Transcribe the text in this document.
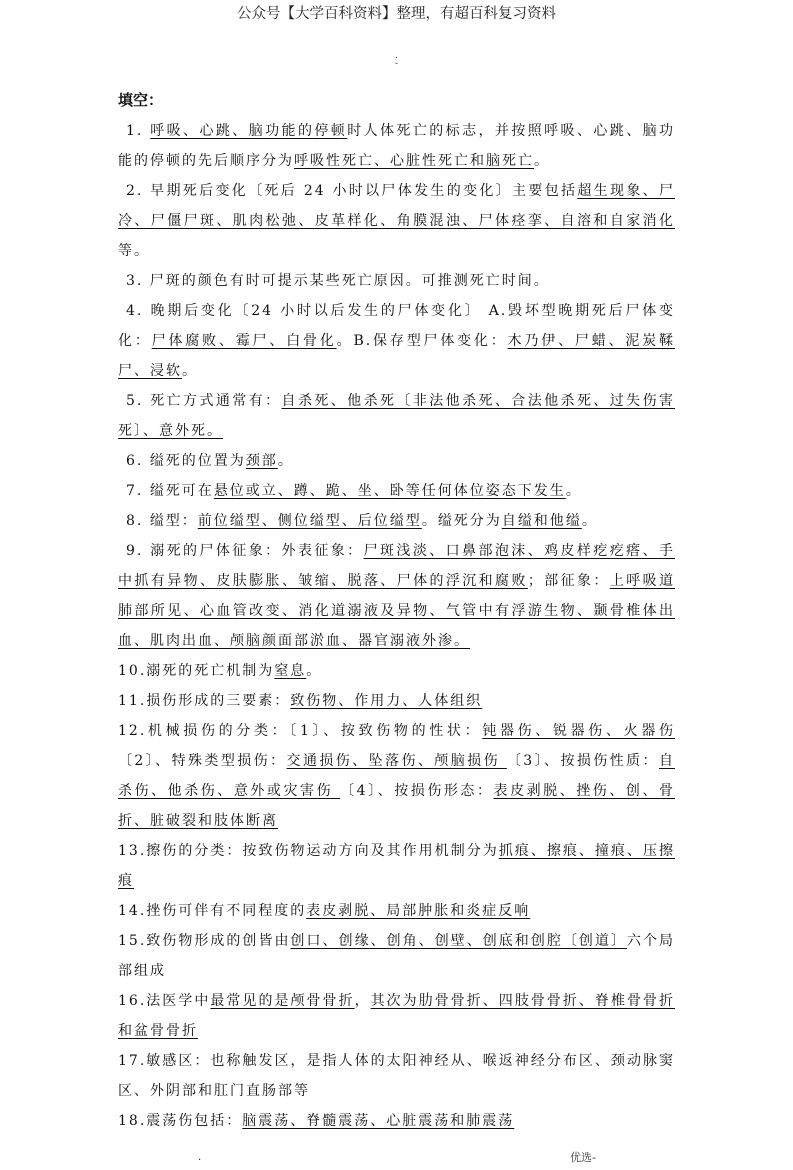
公众号【大学百科资料】整理，有超百科复习资料
.
-
填空：

1. 呼吸、心跳、脑功能的停顿时人体死亡的标志，并按照呼吸、心跳、脑功能的停顿的先后顺序分为呼吸性死亡、心脏性死亡和脑死亡。

2. 早期死后变化〔死后 24 小时以尸体发生的变化〕主要包括超生现象、尸冷、尸僵尸斑、肌肉松弛、皮革样化、角膜混浊、尸体痉挛、自溶和自家消化等。

3. 尸斑的颜色有时可提示某些死亡原因。可推测死亡时间。

4. 晚期后变化〔24 小时以后发生的尸体变化〕 A.毁坏型晚期死后尸体变化：尸体腐败、霉尸、白骨化。B.保存型尸体变化：木乃伊、尸蜡、泥炭鞣尸、浸软。

5. 死亡方式通常有：自杀死、他杀死〔非法他杀死、合法他杀死、过失伤害死〕、意外死。

6. 缢死的位置为颈部。

7. 缢死可在悬位或立、蹲、跪、坐、卧等任何体位姿态下发生。

8. 缢型：前位缢型、侧位缢型、后位缢型。缢死分为自缢和他缢。

9. 溺死的尸体征象：外表征象：尸斑浅淡、口鼻部泡沫、鸡皮样疙疙瘩、手中抓有异物、皮肤膨胀、皱缩、脱落、尸体的浮沉和腐败；部征象：上呼吸道肺部所见、心血管改变、消化道溺液及异物、气管中有浮游生物、颞骨椎体出血、肌肉出血、颅脑颜面部淤血、器官溺液外渗。

10.溺死的死亡机制为窒息。

11.损伤形成的三要素：致伤物、作用力、人体组织

12.机械损伤的分类：〔1〕、按致伤物的性状：钝器伤、锐器伤、火器伤 〔2〕、特殊类型损伤：交通损伤、坠落伤、颅脑损伤 〔3〕、按损伤性质：自杀伤、他杀伤、意外或灾害伤 〔4〕、按损伤形态：表皮剥脱、挫伤、创、骨折、脏破裂和肢体断离

13.擦伤的分类：按致伤物运动方向及其作用机制分为抓痕、擦痕、撞痕、压擦痕

14.挫伤可伴有不同程度的表皮剥脱、局部肿胀和炎症反响

15.致伤物形成的创皆由创口、创缘、创角、创壁、创底和创腔〔创道〕六个局部组成

16.法医学中最常见的是颅骨骨折，其次为肋骨骨折、四肢骨骨折、脊椎骨骨折和盆骨骨折

17.敏感区：也称触发区，是指人体的太阳神经从、喉返神经分布区、颈动脉窦区、外阴部和肛门直肠部等

18.震荡伤包括：脑震荡、脊髓震荡、心脏震荡和肺震荡

.	优选-
